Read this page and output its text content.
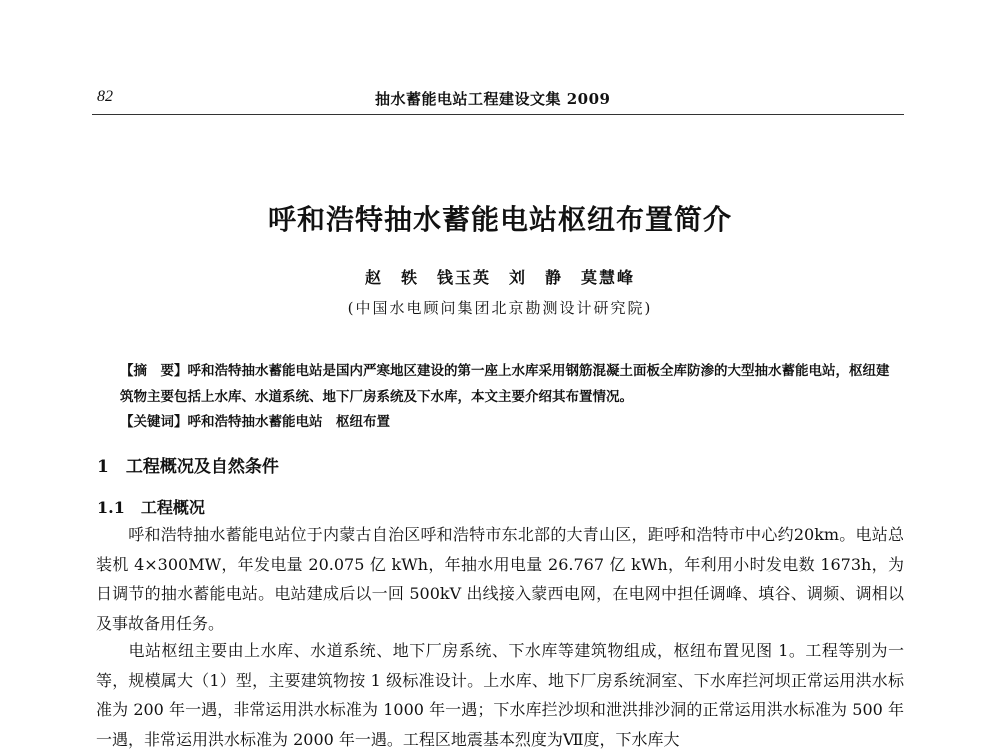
82	抽水蓄能电站工程建设文集 2009
呼和浩特抽水蓄能电站枢纽布置简介
赵　轶　钱玉英　刘　静　莫慧峰
(中国水电顾问集团北京勘测设计研究院)
【摘　要】呼和浩特抽水蓄能电站是国内严寒地区建设的第一座上水库采用钢筋混凝土面板全库防渗的大型抽水蓄能电站，枢纽建筑物主要包括上水库、水道系统、地下厂房系统及下水库，本文主要介绍其布置情况。
【关键词】呼和浩特抽水蓄能电站　枢纽布置
1　工程概况及自然条件
1.1　工程概况
呼和浩特抽水蓄能电站位于内蒙古自治区呼和浩特市东北部的大青山区，距呼和浩特市中心约20km。电站总装机 4×300MW，年发电量 20.075 亿 kWh，年抽水用电量 26.767 亿 kWh，年利用小时发电数 1673h，为日调节的抽水蓄能电站。电站建成后以一回 500kV 出线接入蒙西电网，在电网中担任调峰、填谷、调频、调相以及事故备用任务。
电站枢纽主要由上水库、水道系统、地下厂房系统、下水库等建筑物组成，枢纽布置见图 1。工程等别为一等，规模属大（1）型，主要建筑物按 1 级标准设计。上水库、地下厂房系统洞室、下水库拦河坝正常运用洪水标准为 200 年一遇，非常运用洪水标准为 1000 年一遇；下水库拦沙坝和泄洪排沙洞的正常运用洪水标准为 500 年一遇，非常运用洪水标准为 2000 年一遇。工程区地震基本烈度为Ⅶ度，下水库大
